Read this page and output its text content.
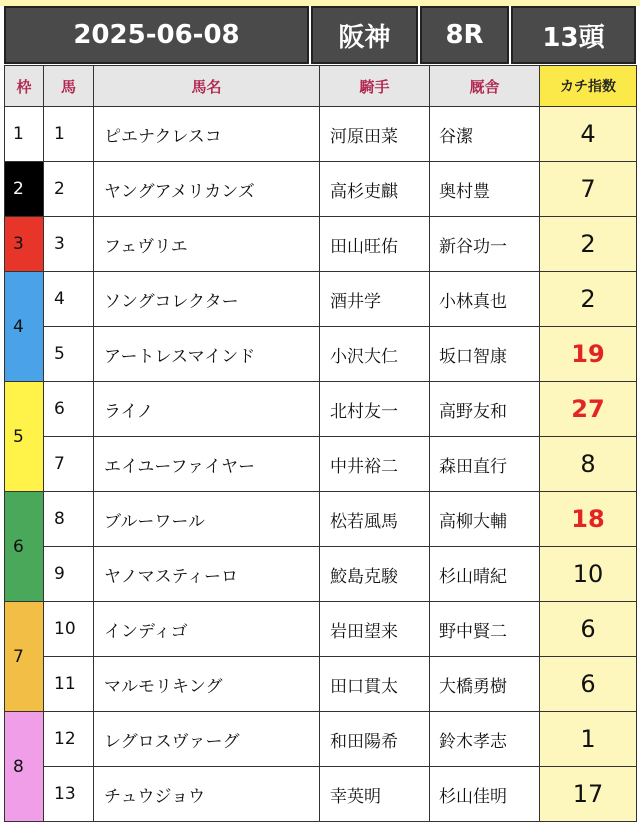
2025-06-08	阪神	8R	13頭
枠	馬	馬名	騎手	厩舎	カチ指数
1	1	ピエナクレスコ	河原田菜	谷潔	4
2	2	ヤングアメリカンズ	高杉吏麒	奥村豊	7
3	3	フェヴリエ	田山旺佑	新谷功一	2
4	4	ソングコレクター	酒井学	小林真也	2
	5	アートレスマインド	小沢大仁	坂口智康	19
5	6	ライノ	北村友一	高野友和	27
	7	エイユーファイヤー	中井裕二	森田直行	8
6	8	ブルーワール	松若風馬	高柳大輔	18
	9	ヤノマスティーロ	鮫島克駿	杉山晴紀	10
7	10	インディゴ	岩田望来	野中賢二	6
	11	マルモリキング	田口貫太	大橋勇樹	6
8	12	レグロスヴァーグ	和田陽希	鈴木孝志	1
	13	チュウジョウ	幸英明	杉山佳明	17
